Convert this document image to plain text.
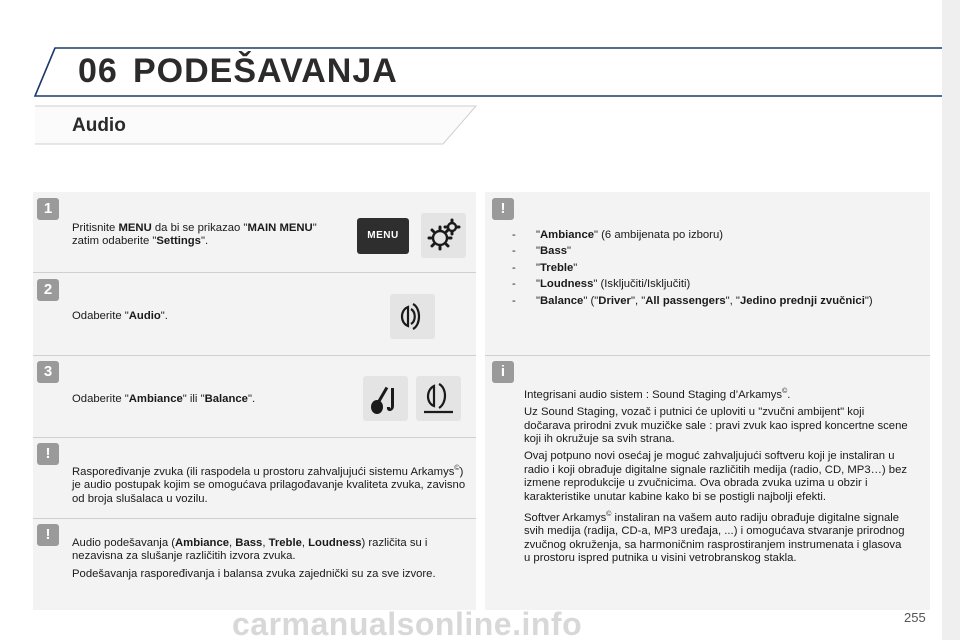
06 PODEŠAVANJA
Audio
1
Pritisnite MENU da bi se prikazao "MAIN MENU" zatim odaberite "Settings".	MENU
2
Odaberite "Audio".
3
Odaberite "Ambiance" ili "Balance".
!
Raspoređivanje zvuka (ili raspodela u prostoru zahvaljujući sistemu Arkamys©) je audio postupak kojim se omogućava prilagođavanje kvaliteta zvuka, zavisno od broja slušalaca u vozilu.
!	Audio podešavanja (Ambiance, Bass, Treble, Loudness) različita su i nezavisna za slušanje različitih izvora zvuka.

Podešavanja raspoređivanja i balansa zvuka zajednički su za sve izvore.

!
- "Ambiance" (6 ambijenata po izboru)
- "Bass"
- "Treble"
- "Loudness" (Isključiti/Isključiti)
- "Balance" ("Driver", "All passengers", "Jedino prednji zvučnici")
i

Integrisani audio sistem : Sound Staging d’Arkamys©.

Uz Sound Staging, vozač i putnici će uploviti u "zvučni ambijent" koji dočarava prirodni zvuk muzičke sale : pravi zvuk kao ispred koncertne scene koji ih okružuje sa svih strana.

Ovaj potpuno novi osećaj je moguć zahvaljujući softveru koji je instaliran u radio i koji obrađuje digitalne signale različitih medija (radio, CD, MP3…) bez izmene reprodukcije u zvučnicima. Ova obrada zvuka uzima u obzir i karakteristike unutar kabine kako bi se postigli najbolji efekti.

Softver Arkamys© instaliran na vašem auto radiju obrađuje digitalne signale svih medija (radija, CD-a, MP3 uređaja, ...) i omogućava stvaranje prirodnog zvučnog okruženja, sa harmoničnim rasprostiranjem instrumenata i glasova u prostoru ispred putnika u visini vetrobranskog stakla.

carmanualsonline.info	255
